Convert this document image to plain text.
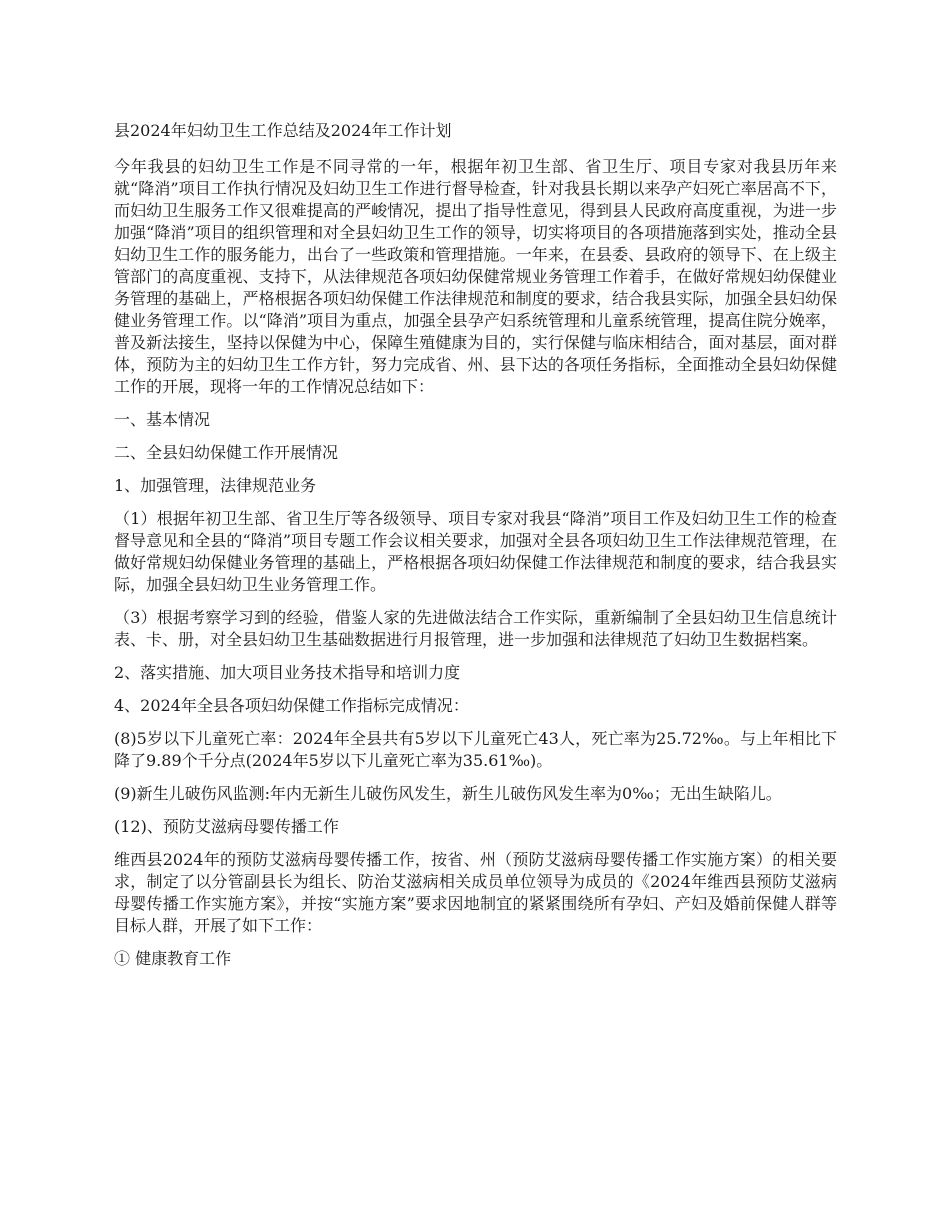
县2024年妇幼卫生工作总结及2024年工作计划
今年我县的妇幼卫生工作是不同寻常的一年，根据年初卫生部、省卫生厅、项目专家对我县历年来就“降消”项目工作执行情况及妇幼卫生工作进行督导检查，针对我县长期以来孕产妇死亡率居高不下，而妇幼卫生服务工作又很难提高的严峻情况，提出了指导性意见，得到县人民政府高度重视，为进一步加强“降消”项目的组织管理和对全县妇幼卫生工作的领导，切实将项目的各项措施落到实处，推动全县妇幼卫生工作的服务能力，出台了一些政策和管理措施。一年来，在县委、县政府的领导下、在上级主管部门的高度重视、支持下，从法律规范各项妇幼保健常规业务管理工作着手，在做好常规妇幼保健业务管理的基础上，严格根据各项妇幼保健工作法律规范和制度的要求，结合我县实际，加强全县妇幼保健业务管理工作。以“降消”项目为重点，加强全县孕产妇系统管理和儿童系统管理，提高住院分娩率，普及新法接生，坚持以保健为中心，保障生殖健康为目的，实行保健与临床相结合，面对基层，面对群体，预防为主的妇幼卫生工作方针，努力完成省、州、县下达的各项任务指标，全面推动全县妇幼保健工作的开展，现将一年的工作情况总结如下：
一、基本情况
二、全县妇幼保健工作开展情况
1、加强管理，法律规范业务
（1）根据年初卫生部、省卫生厅等各级领导、项目专家对我县“降消”项目工作及妇幼卫生工作的检查督导意见和全县的“降消”项目专题工作会议相关要求，加强对全县各项妇幼卫生工作法律规范管理，在做好常规妇幼保健业务管理的基础上，严格根据各项妇幼保健工作法律规范和制度的要求，结合我县实际，加强全县妇幼卫生业务管理工作。
（3）根据考察学习到的经验，借鉴人家的先进做法结合工作实际，重新编制了全县妇幼卫生信息统计表、卡、册，对全县妇幼卫生基础数据进行月报管理，进一步加强和法律规范了妇幼卫生数据档案。
2、落实措施、加大项目业务技术指导和培训力度
4、2024年全县各项妇幼保健工作指标完成情况：
(8)5岁以下儿童死亡率：2024年全县共有5岁以下儿童死亡43人，死亡率为25.72‰。与上年相比下降了9.89个千分点(2024年5岁以下儿童死亡率为35.61‰)。
(9)新生儿破伤风监测:年内无新生儿破伤风发生，新生儿破伤风发生率为0‰；无出生缺陷儿。
(12)、预防艾滋病母婴传播工作
维西县2024年的预防艾滋病母婴传播工作，按省、州（预防艾滋病母婴传播工作实施方案）的相关要求，制定了以分管副县长为组长、防治艾滋病相关成员单位领导为成员的《2024年维西县预防艾滋病母婴传播工作实施方案》，并按“实施方案”要求因地制宜的紧紧围绕所有孕妇、产妇及婚前保健人群等目标人群，开展了如下工作：
① 健康教育工作
